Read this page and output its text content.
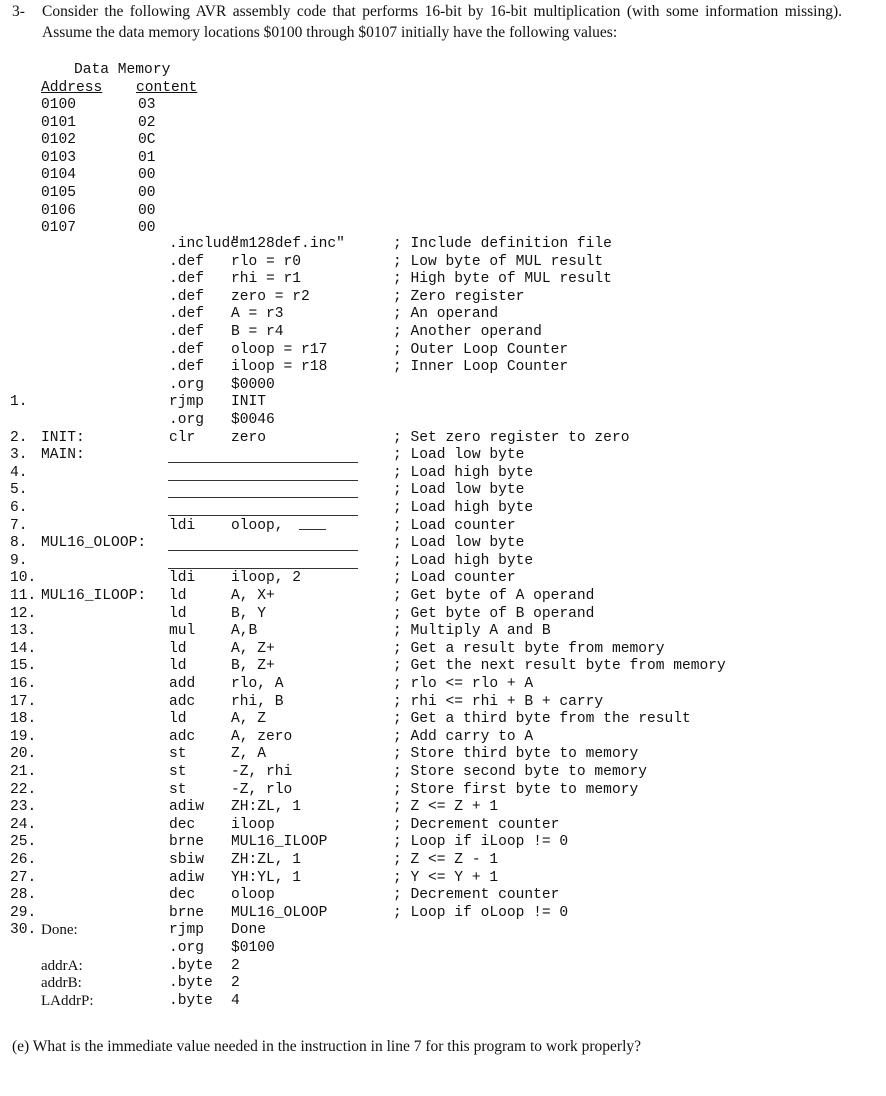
3- Consider the following AVR assembly code that performs 16-bit by 16-bit multiplication (with some information missing). Assume the data memory locations $0100 through $0107 initially have the following values:
Data Memory
Address content
0100	03
0101	02
0102	0C
0103	01
0104	00
0105	00
0106	00
0107	00
.include
"m128def.inc"	; Include definition file
.def rlo = r0	; Low byte of MUL result
.def rhi = r1	; High byte of MUL result
.def zero = r2	; Zero register
.def A = r3	; An operand
.def B = r4	; Another operand
.def oloop = r17	; Outer Loop Counter
.def iloop = r18	; Inner Loop Counter
.org $0000
1.	rjmp INIT
.org $0046
2. INIT:	clr zero	; Set zero register to zero
3. MAIN:	; Load low byte
4.	; Load high byte
5.	; Load low byte
6.	; Load high byte
7.	ldi oloop,	; Load counter
8. MUL16_OLOOP:	; Load low byte
9.	; Load high byte
10.	ldi iloop, 2	; Load counter
11. MUL16_ILOOP: ld	A, X+	; Get byte of A operand
12.	ld	B, Y	; Get byte of B operand
13.	mul A,B	; Multiply A and B
14.	ld	A, Z+	; Get a result byte from memory
15.	ld	B, Z+	; Get the next result byte from memory
16.	add rlo, A	; rlo <= rlo + A
17.	adc rhi, B	; rhi <= rhi + B + carry
18.	ld	A, Z	; Get a third byte from the result
19.	adc A, zero	; Add carry to A
20.	st	Z, A	; Store third byte to memory
21.	st	-Z, rhi	; Store second byte to memory
22.	st	-Z, rlo	; Store first byte to memory
23.	adiw ZH:ZL, 1	; Z <= Z + 1
24.	dec iloop	; Decrement counter
25.	brne MUL16_ILOOP	; Loop if iLoop != 0
26.	sbiw ZH:ZL, 1	; Z <= Z - 1
27.	adiw YH:YL, 1	; Y <= Y + 1
28.	dec oloop	; Decrement counter
29.	brne MUL16_OLOOP	; Loop if oLoop != 0
30. Done:	rjmp Done
.org $0100
addrA:	.byte 2
addrB:	.byte 2
LAddrP:	.byte 4
(e) What is the immediate value needed in the instruction in line 7 for this program to work properly?
